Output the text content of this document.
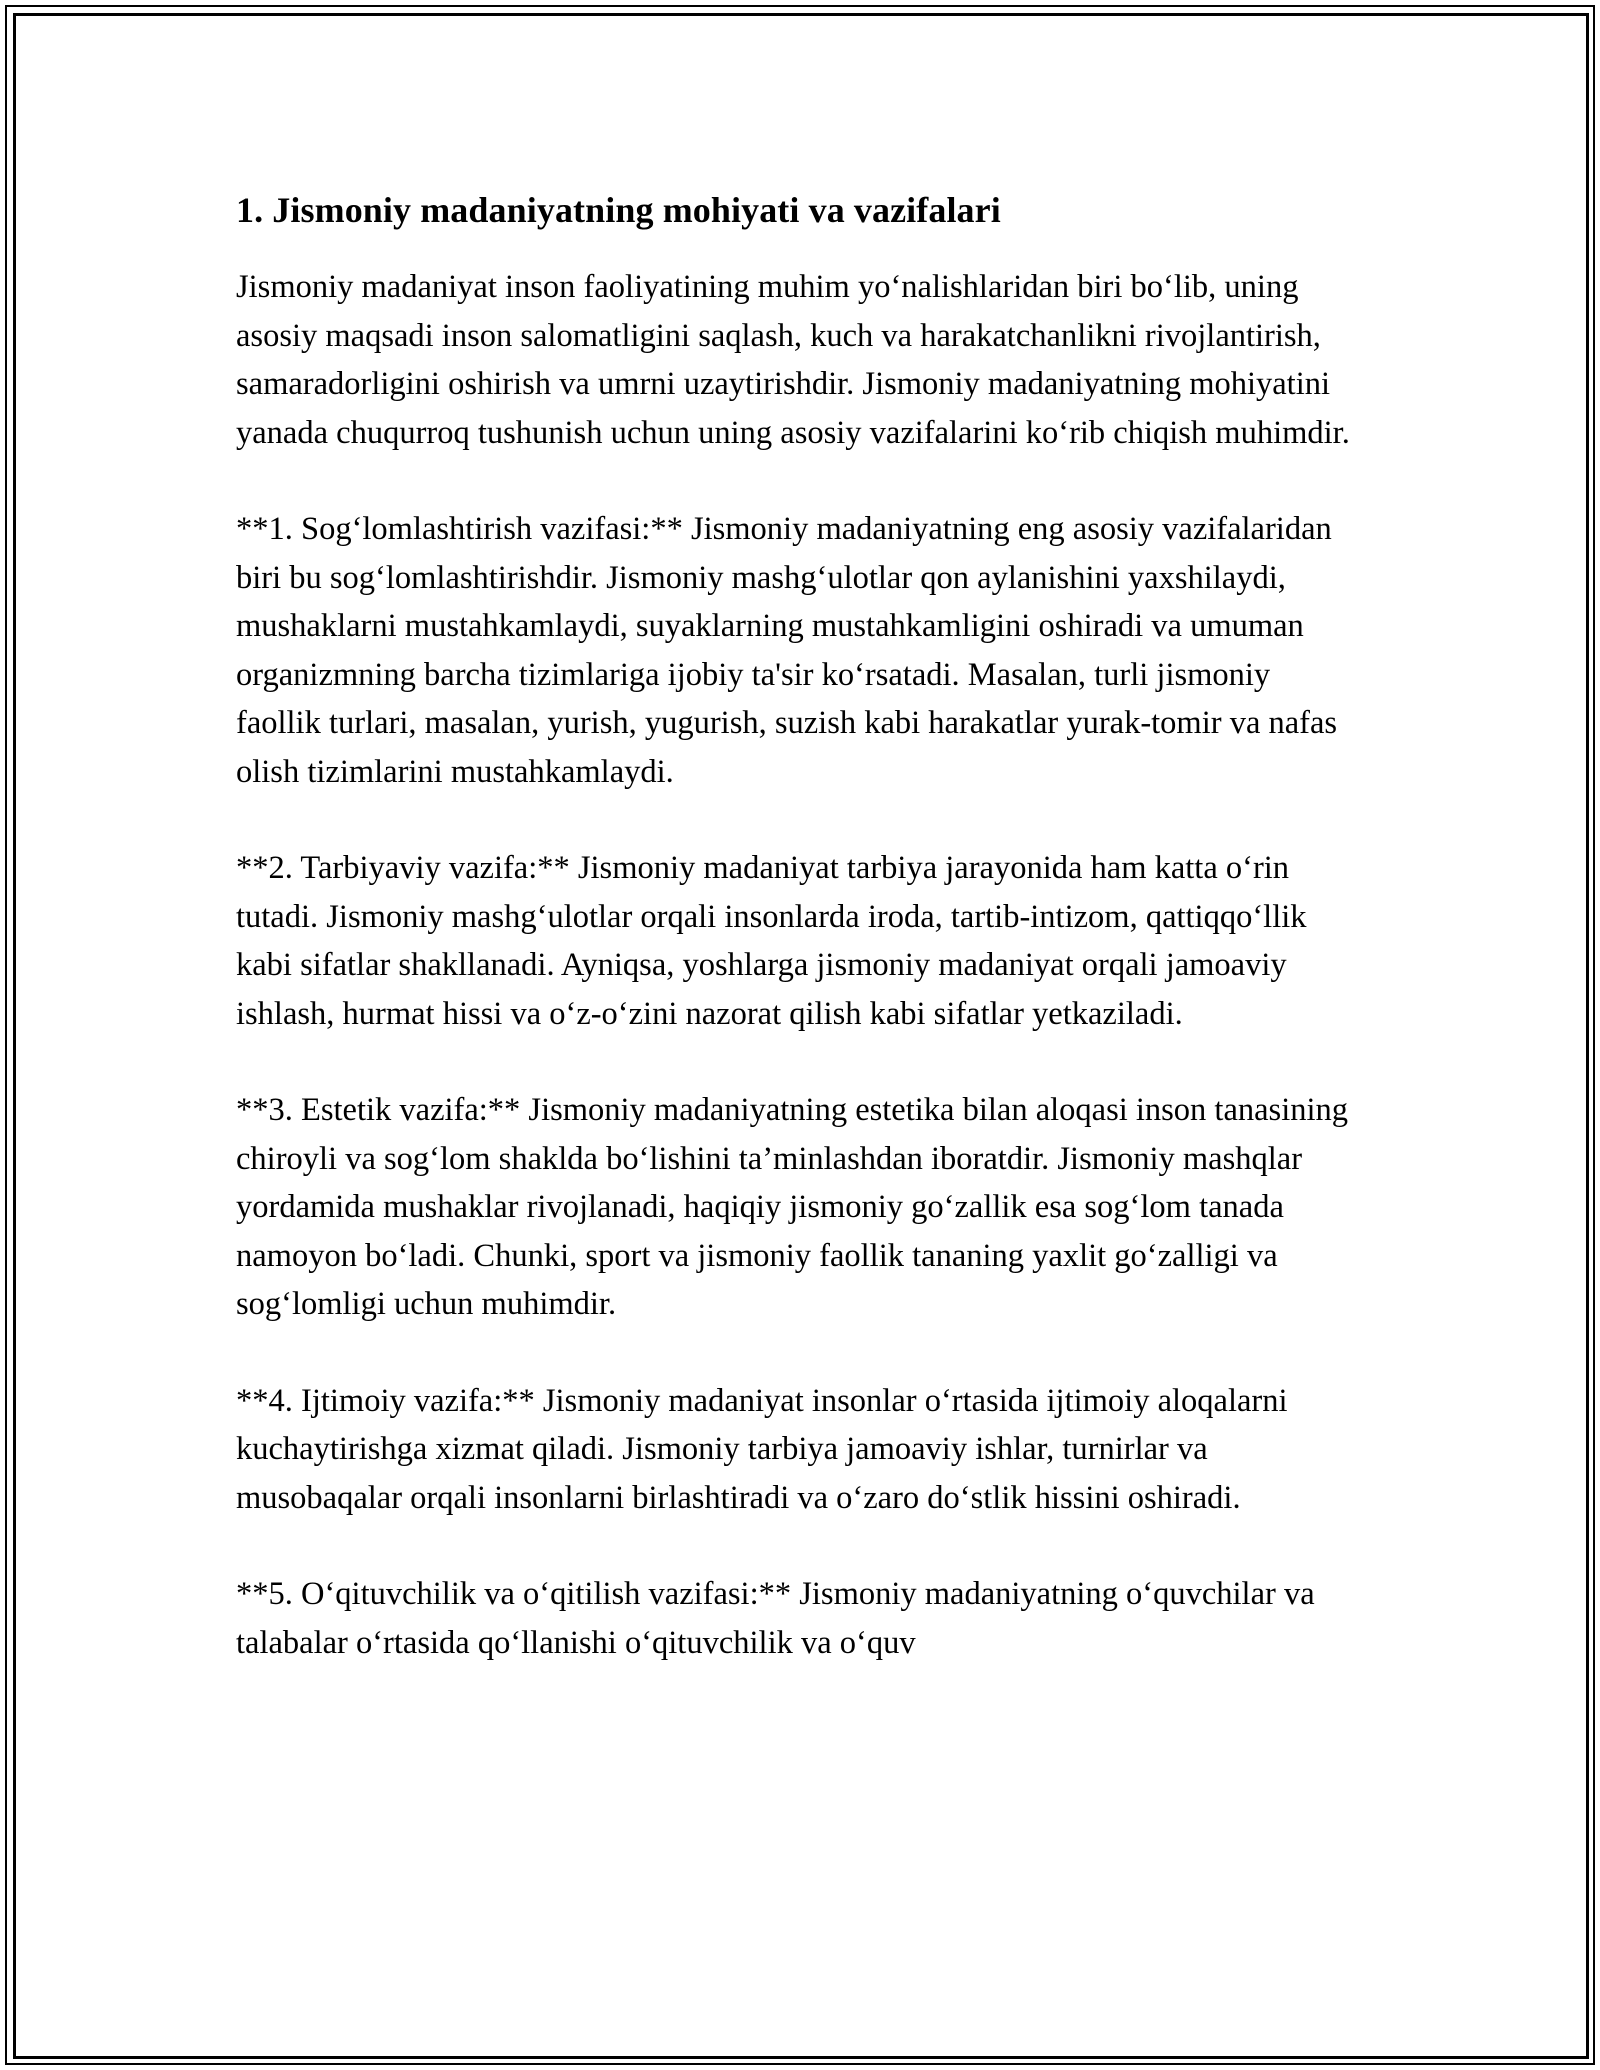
1. Jismoniy madaniyatning mohiyati va vazifalari

Jismoniy madaniyat inson faoliyatining muhim yo‘nalishlaridan biri bo‘lib, uning asosiy maqsadi inson salomatligini saqlash, kuch va harakatchanlikni rivojlantirish, samaradorligini oshirish va umrni uzaytirishdir. Jismoniy madaniyatning mohiyatini yanada chuqurroq tushunish uchun uning asosiy vazifalarini ko‘rib chiqish muhimdir.

**1. Sog‘lomlashtirish vazifasi:** Jismoniy madaniyatning eng asosiy vazifalaridan biri bu sog‘lomlashtirishdir. Jismoniy mashg‘ulotlar qon aylanishini yaxshilaydi, mushaklarni mustahkamlaydi, suyaklarning mustahkamligini oshiradi va umuman organizmning barcha tizimlariga ijobiy ta'sir ko‘rsatadi. Masalan, turli jismoniy faollik turlari, masalan, yurish, yugurish, suzish kabi harakatlar yurak-tomir va nafas olish tizimlarini mustahkamlaydi.

**2. Tarbiyaviy vazifa:** Jismoniy madaniyat tarbiya jarayonida ham katta o‘rin tutadi. Jismoniy mashg‘ulotlar orqali insonlarda iroda, tartib-intizom, qattiqqo‘llik kabi sifatlar shakllanadi. Ayniqsa, yoshlarga jismoniy madaniyat orqali jamoaviy ishlash, hurmat hissi va o‘z-o‘zini nazorat qilish kabi sifatlar yetkaziladi.

**3. Estetik vazifa:** Jismoniy madaniyatning estetika bilan aloqasi inson tanasining chiroyli va sog‘lom shaklda bo‘lishini ta’minlashdan iboratdir. Jismoniy mashqlar yordamida mushaklar rivojlanadi, haqiqiy jismoniy go‘zallik esa sog‘lom tanada namoyon bo‘ladi. Chunki, sport va jismoniy faollik tananing yaxlit go‘zalligi va sog‘lomligi uchun muhimdir.

**4. Ijtimoiy vazifa:** Jismoniy madaniyat insonlar o‘rtasida ijtimoiy aloqalarni kuchaytirishga xizmat qiladi. Jismoniy tarbiya jamoaviy ishlar, turnirlar va musobaqalar orqali insonlarni birlashtiradi va o‘zaro do‘stlik hissini oshiradi.

**5. O‘qituvchilik va o‘qitilish vazifasi:** Jismoniy madaniyatning o‘quvchilar va talabalar o‘rtasida qo‘llanishi o‘qituvchilik va o‘quv
